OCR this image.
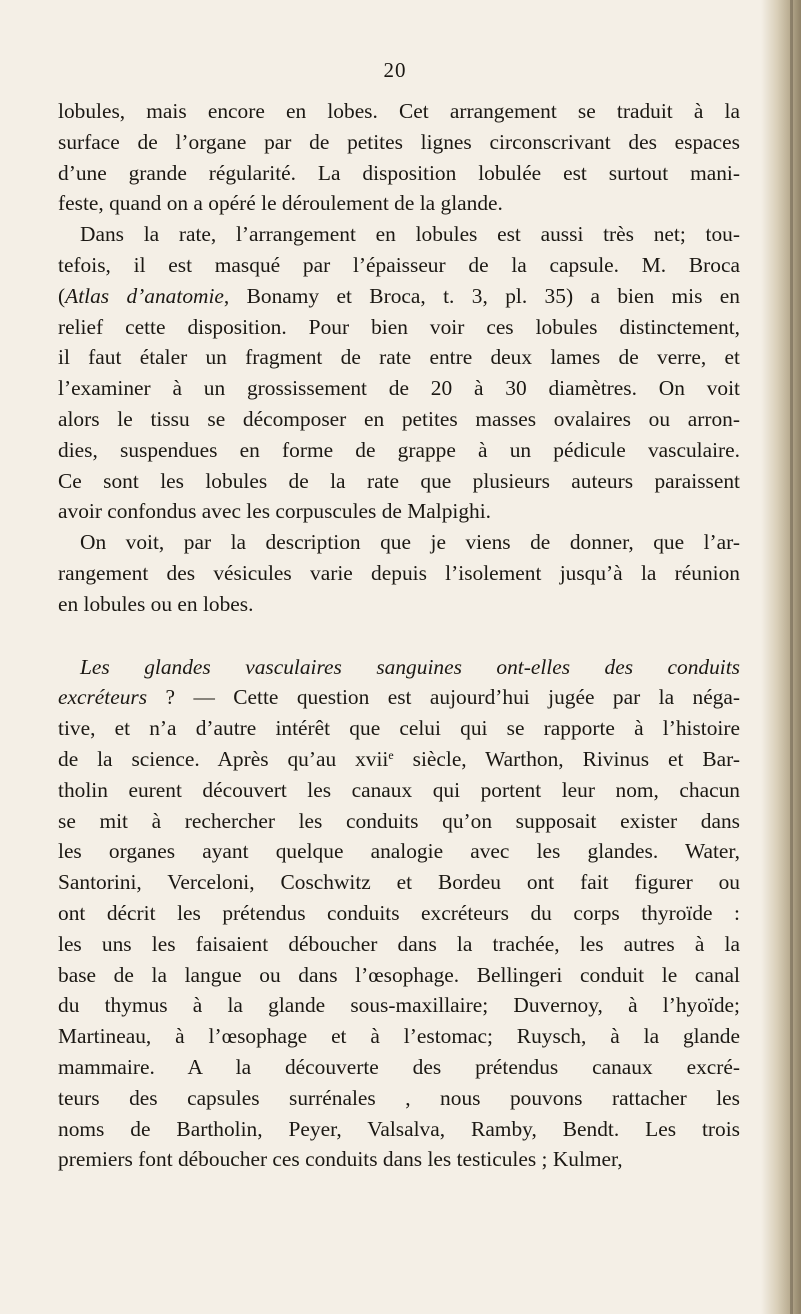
20
lobules, mais encore en lobes. Cet arrangement se traduit à la
surface de l’organe par de petites lignes circonscrivant des espaces
d’une grande régularité. La disposition lobulée est surtout mani-
feste, quand on a opéré le déroulement de la glande.
Dans la rate, l’arrangement en lobules est aussi très net; tou-
tefois, il est masqué par l’épaisseur de la capsule. M. Broca
(Atlas d’anatomie, Bonamy et Broca, t. 3, pl. 35) a bien mis en
relief cette disposition. Pour bien voir ces lobules distinctement,
il faut étaler un fragment de rate entre deux lames de verre, et
l’examiner à un grossissement de 20 à 30 diamètres. On voit
alors le tissu se décomposer en petites masses ovalaires ou arron-
dies, suspendues en forme de grappe à un pédicule vasculaire.
Ce sont les lobules de la rate que plusieurs auteurs paraissent
avoir confondus avec les corpuscules de Malpighi.
On voit, par la description que je viens de donner, que l’ar-
rangement des vésicules varie depuis l’isolement jusqu’à la réunion
en lobules ou en lobes.
Les glandes vasculaires sanguines ont-elles des conduits
excréteurs ? — Cette question est aujourd’hui jugée par la néga-
tive, et n’a d’autre intérêt que celui qui se rapporte à l’histoire
de la science. Après qu’au xvii$^e$ siècle, Warthon, Rivinus et Bar-
tholin eurent découvert les canaux qui portent leur nom, chacun
se mit à rechercher les conduits qu’on supposait exister dans
les organes ayant quelque analogie avec les glandes. Water,
Santorini, Verceloni, Coschwitz et Bordeu ont fait figurer ou
ont décrit les prétendus conduits excréteurs du corps thyroïde :
les uns les faisaient déboucher dans la trachée, les autres à la
base de la langue ou dans l’œsophage. Bellingeri conduit le canal
du thymus à la glande sous-maxillaire; Duvernoy, à l’hyoïde;
Martineau, à l’œsophage et à l’estomac; Ruysch, à la glande
mammaire. A la découverte des prétendus canaux excré-
teurs des capsules surrénales , nous pouvons rattacher les
noms de Bartholin, Peyer, Valsalva, Ramby, Bendt. Les trois
premiers font déboucher ces conduits dans les testicules ; Kulmer,
